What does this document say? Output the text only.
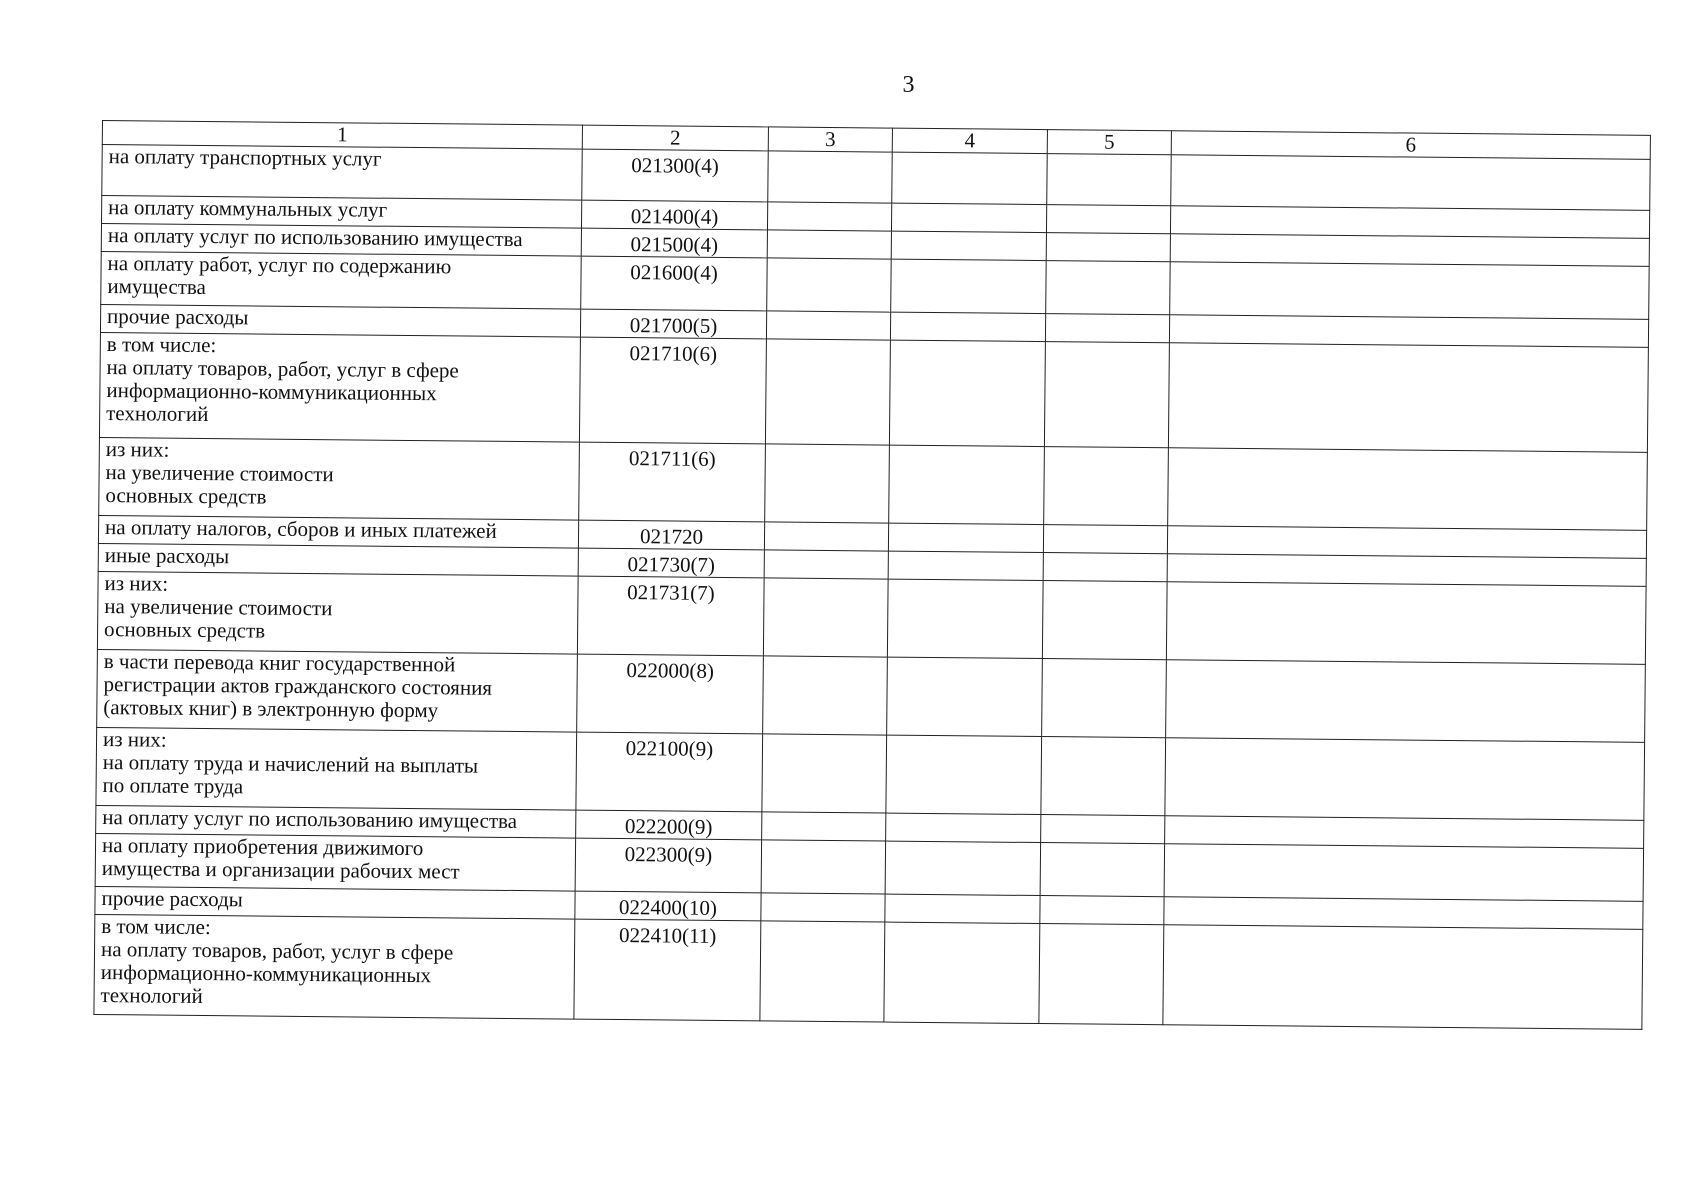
3
1	2	3	4	5	6
на оплату транспортных услуг	021300(4)				
на оплату коммунальных услуг	021400(4)				
на оплату услуг по использованию имущества	021500(4)				
на оплату работ, услуг по содержанию
имущества	021600(4)				
прочие расходы	021700(5)				
в том числе:
на оплату товаров, работ, услуг в сфере
информационно-коммуникационных
технологий	021710(6)				
из них:
на увеличение стоимости
основных средств	021711(6)				
на оплату налогов, сборов и иных платежей	021720				
иные расходы	021730(7)				
из них:
на увеличение стоимости
основных средств	021731(7)				
в части перевода книг государственной
регистрации актов гражданского состояния
(актовых книг) в электронную форму	022000(8)				
из них:
на оплату труда и начислений на выплаты
по оплате труда	022100(9)				
на оплату услуг по использованию имущества	022200(9)				
на оплату приобретения движимого
имущества и организации рабочих мест	022300(9)				
прочие расходы	022400(10)				
в том числе:
на оплату товаров, работ, услуг в сфере
информационно-коммуникационных
технологий	022410(11)				
